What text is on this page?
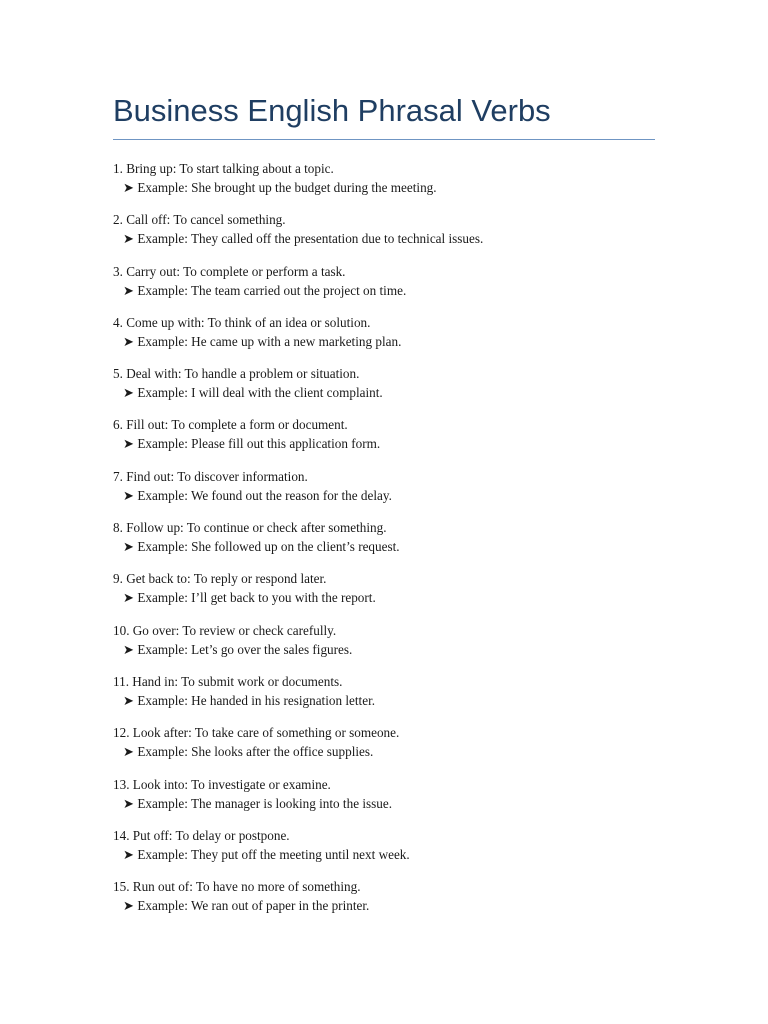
Business English Phrasal Verbs
1. Bring up: To start talking about a topic.
➤ Example: She brought up the budget during the meeting.
2. Call off: To cancel something.
➤ Example: They called off the presentation due to technical issues.
3. Carry out: To complete or perform a task.
➤ Example: The team carried out the project on time.
4. Come up with: To think of an idea or solution.
➤ Example: He came up with a new marketing plan.
5. Deal with: To handle a problem or situation.
➤ Example: I will deal with the client complaint.
6. Fill out: To complete a form or document.
➤ Example: Please fill out this application form.
7. Find out: To discover information.
➤ Example: We found out the reason for the delay.
8. Follow up: To continue or check after something.
➤ Example: She followed up on the client’s request.
9. Get back to: To reply or respond later.
➤ Example: I’ll get back to you with the report.
10. Go over: To review or check carefully.
➤ Example: Let’s go over the sales figures.
11. Hand in: To submit work or documents.
➤ Example: He handed in his resignation letter.
12. Look after: To take care of something or someone.
➤ Example: She looks after the office supplies.
13. Look into: To investigate or examine.
➤ Example: The manager is looking into the issue.
14. Put off: To delay or postpone.
➤ Example: They put off the meeting until next week.
15. Run out of: To have no more of something.
➤ Example: We ran out of paper in the printer.
